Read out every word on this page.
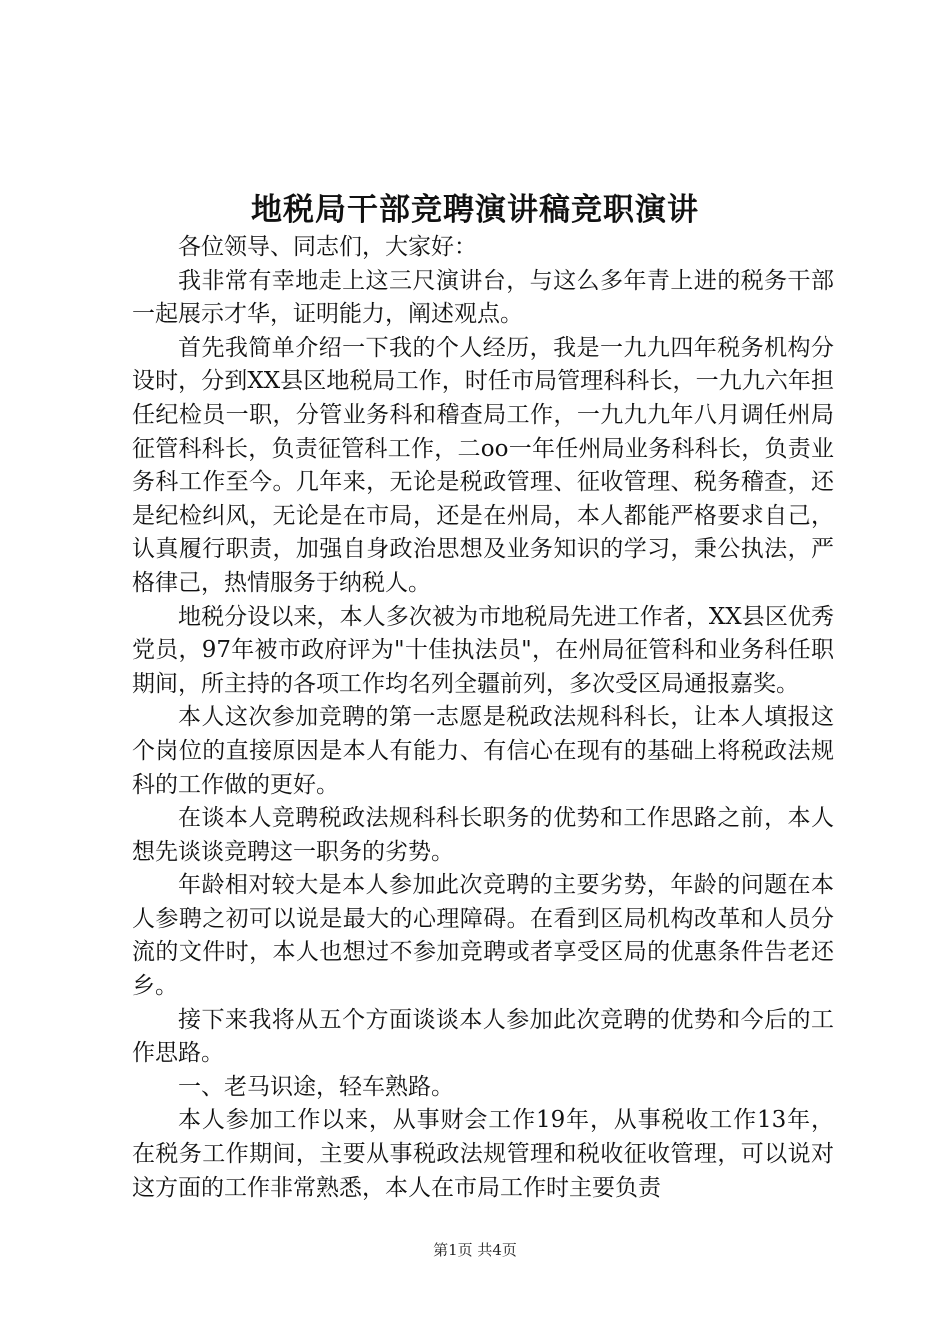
地税局干部竞聘演讲稿竞职演讲

各位领导、同志们，大家好：

我非常有幸地走上这三尺演讲台，与这么多年青上进的税务干部一起展示才华，证明能力，阐述观点。

首先我简单介绍一下我的个人经历，我是一九九四年税务机构分设时，分到XX县区地税局工作，时任市局管理科科长，一九九六年担任纪检员一职，分管业务科和稽查局工作，一九九九年八月调任州局征管科科长，负责征管科工作，二oo一年任州局业务科科长，负责业务科工作至今。几年来，无论是税政管理、征收管理、税务稽查，还是纪检纠风，无论是在市局，还是在州局，本人都能严格要求自己，认真履行职责，加强自身政治思想及业务知识的学习，秉公执法，严格律己，热情服务于纳税人。

地税分设以来，本人多次被为市地税局先进工作者，XX县区优秀党员，97年被市政府评为"十佳执法员"，在州局征管科和业务科任职期间，所主持的各项工作均名列全疆前列，多次受区局通报嘉奖。

本人这次参加竞聘的第一志愿是税政法规科科长，让本人填报这个岗位的直接原因是本人有能力、有信心在现有的基础上将税政法规科的工作做的更好。

在谈本人竞聘税政法规科科长职务的优势和工作思路之前，本人想先谈谈竞聘这一职务的劣势。

年龄相对较大是本人参加此次竞聘的主要劣势，年龄的问题在本人参聘之初可以说是最大的心理障碍。在看到区局机构改革和人员分流的文件时，本人也想过不参加竞聘或者享受区局的优惠条件告老还乡。

接下来我将从五个方面谈谈本人参加此次竞聘的优势和今后的工作思路。

一、老马识途，轻车熟路。

本人参加工作以来，从事财会工作19年，从事税收工作13年，在税务工作期间，主要从事税政法规管理和税收征收管理，可以说对这方面的工作非常熟悉，本人在市局工作时主要负责

第1页 共4页
